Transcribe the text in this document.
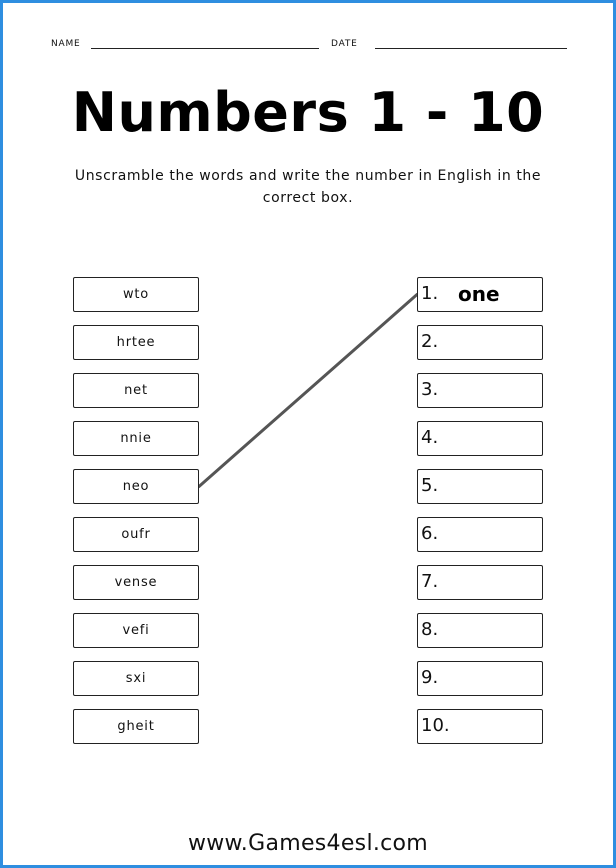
NAME	DATE
Numbers 1 - 10
Unscramble the words and write the number in English in the correct box.
wto
hrtee
net
nnie
neo
oufr
vense
vefi
sxi
gheit
1. one
2.
3.
4.
5.
6.
7.
8.
9.
10.
www.Games4esl.com
